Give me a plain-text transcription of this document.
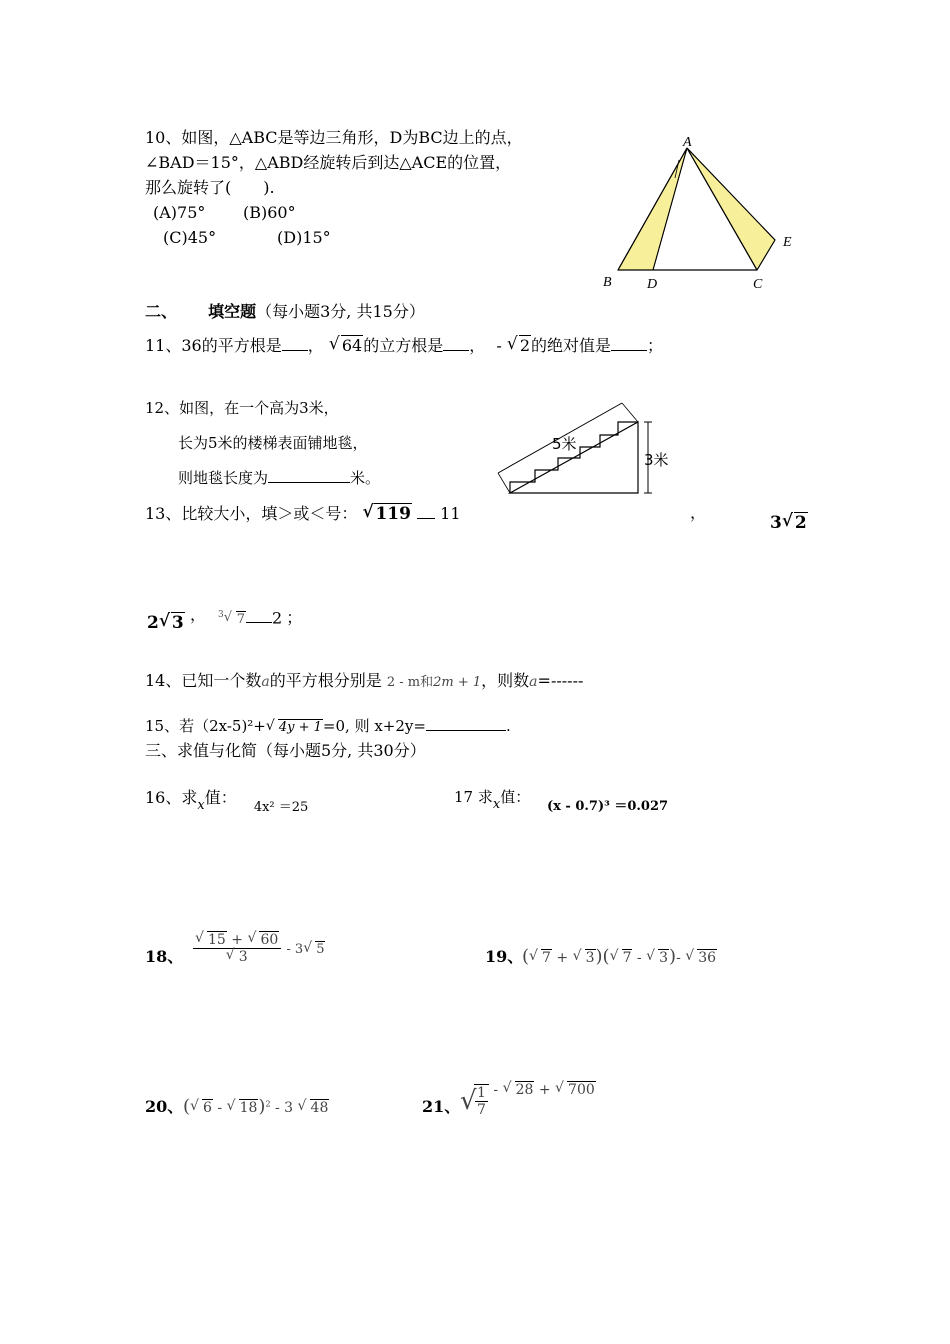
10、如图，△ABC是等边三角形，D为BC边上的点，
∠BAD＝15°，△ABD经旋转后到达△ACE的位置，
那么旋转了(　　).
(A)75° (B)60°
(C)45°	(D)15°
A
B	D	C
E
二、 填空题（每小题3分, 共15分）
11、36的平方根是 ， √ 64的立方根是 ， - √ 2的绝对值是 ；
12、如图，在一个高为3米，
长为5米的楼梯表面铺地毯，
则地毯长度为	米。
5米
3米
13、比较大小，填＞或＜号： √ 119 11	，
3 √ 2
2 √ 3 ， $^3$ √ 7 2 ；
14、已知一个数a的平方根分别是 2 - m和2m + 1，则数a=------
15、若（2x-5)²+ √ 4y + 1=0, 则 x+2y=	.
三、求值与化简（每小题5分, 共30分）
16、求$_x$值： $_{4x^2 =25}$
17 求x值： (x - 0.7)³ ＝0.027
18、 $\frac{√ 15 + √ 60}{√ 3} - 3$ √ 5	19、
( √ 7 + √ 3)( √ 7 - √ 3)- √ 36
20、 ( √ 6 - √ 18)$^2$ - 3 √ 48	21、 √
$\frac{1}{7}$ - √ 28 + √ 700
